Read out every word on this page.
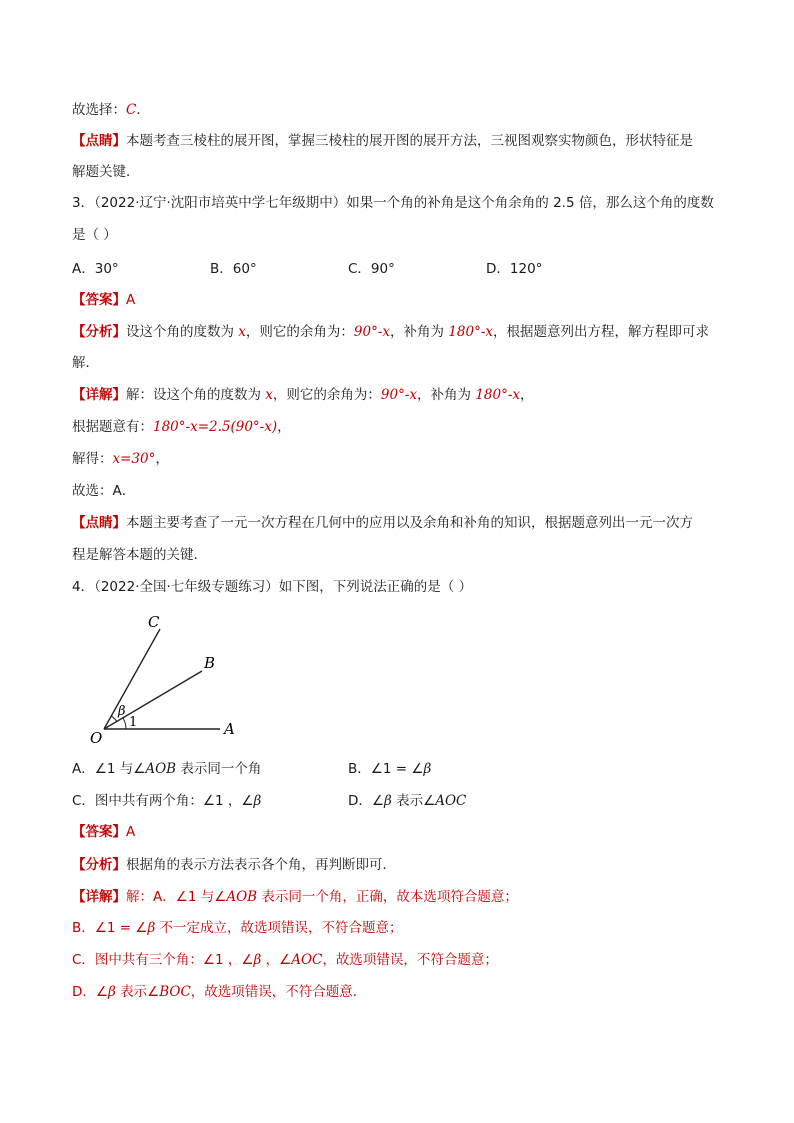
故选择：C．
【点睛】本题考查三棱柱的展开图，掌握三棱柱的展开图的展开方法，三视图观察实物颜色，形状特征是
解题关键．
3．（2022·辽宁·沈阳市培英中学七年级期中）如果一个角的补角是这个角余角的 2.5 倍，那么这个角的度数
是（ ）
A．30°	B．60°	C．90°	D．120°
【答案】A
【分析】设这个角的度数为 x，则它的余角为：90°-x，补角为 180°-x，根据题意列出方程，解方程即可求
解．
【详解】解：设这个角的度数为 x，则它的余角为：90°-x，补角为 180°-x，
根据题意有：180°-x=2.5(90°-x)，
解得：x=30°，
故选：A．
【点睛】本题主要考查了一元一次方程在几何中的应用以及余角和补角的知识，根据题意列出一元一次方
程是解答本题的关键．
4．（2022·全国·七年级专题练习）如下图，下列说法正确的是（ ）
C
B
O	A
β
1
A．∠1 与∠AOB 表示同一个角	B．∠1 = ∠β
C．图中共有两个角：∠1 ，∠β	D．∠β 表示∠AOC
【答案】A
【分析】根据角的表示方法表示各个角，再判断即可．
【详解】解：A．∠1 与∠AOB 表示同一个角，正确，故本选项符合题意；
B．∠1 = ∠β 不一定成立，故选项错误，不符合题意；
C．图中共有三个角：∠1 ，∠β ，∠AOC，故选项错误，不符合题意；
D．∠β 表示∠BOC，故选项错误，不符合题意．
